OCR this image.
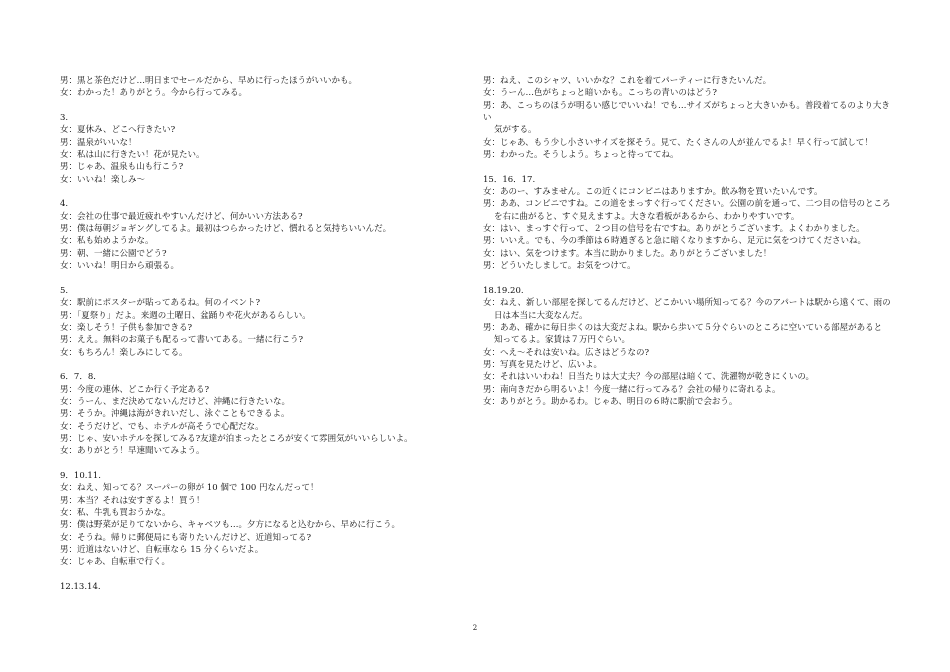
男：黒と茶色だけど…明日までセールだから、早めに行ったほうがいいかも。
女：わかった！ありがとう。今から行ってみる。
3.
女：夏休み、どこへ行きたい?
男：温泉がいいな！
女：私は山に行きたい！花が見たい。
男：じゃあ、温泉も山も行こう?
女：いいね！楽しみ〜
4.
女：会社の仕事で最近疲れやすいんだけど、何かいい方法ある?
男：僕は毎朝ジョギングしてるよ。最初はつらかったけど、慣れると気持ちいいんだ。
女：私も始めようかな。
男：朝、一緒に公園でどう?
女：いいね！明日から頑張る。
5.
女：駅前にポスターが貼ってあるね。何のイベント?
男：「夏祭り」だよ。来週の土曜日、盆踊りや花火があるらしい。
女：楽しそう！子供も参加できる?
男：ええ。無料のお菓子も配るって書いてある。一緒に行こう?
女：もちろん！楽しみにしてる。
6．7．8．
男：今度の連休、どこか行く予定ある?
女：うーん、まだ決めてないんだけど、沖縄に行きたいな。
男：そうか。沖縄は海がきれいだし、泳ぐこともできるよ。
女：そうだけど、でも、ホテルが高そうで心配だな。
男：じゃ、安いホテルを探してみる?友達が泊まったところが安くて雰囲気がいいらしいよ。
女：ありがとう！早速聞いてみよう。
9．10.11.
女：ねえ、知ってる？スーパーの卵が 10 個で 100 円なんだって！
男：本当？それは安すぎるよ！買う！
女：私、牛乳も買おうかな。
男：僕は野菜が足りてないから、キャベツも…。夕方になると込むから、早めに行こう。
女：そうね。帰りに郵便局にも寄りたいんだけど、近道知ってる?
男：近道はないけど、自転車なら 15 分くらいだよ。
女：じゃあ、自転車で行く。
12.13.14.
男：ねえ、このシャツ、いいかな？これを着てパーティーに行きたいんだ。
女：うーん…色がちょっと暗いかも。こっちの青いのはどう?
男：あ、こっちのほうが明るい感じでいいね！でも…サイズがちょっと大きいかも。普段着てるのより大き
い
気がする。
女：じゃあ、もう少し小さいサイズを探そう。見て、たくさんの人が並んでるよ！早く行って試して！
男：わかった。そうしよう。ちょっと待っててね。
15．16．17.
女：あのー、すみません。この近くにコンビニはありますか。飲み物を買いたいんです。
男：ああ、コンビニですね。この道をまっすぐ行ってください。公園の前を通って、二つ目の信号のところ
を右に曲がると、すぐ見えますよ。大きな看板があるから、わかりやすいです。
女：はい、まっすぐ行って、２つ目の信号を右ですね。ありがとうございます。よくわかりました。
男：いいえ。でも、今の季節は６時過ぎると急に暗くなりますから、足元に気をつけてくださいね。
女：はい、気をつけます。本当に助かりました。ありがとうございました！
男：どういたしまして。お気をつけて。
18.19.20.
女：ねえ、新しい部屋を探してるんだけど、どこかいい場所知ってる？今のアパートは駅から遠くて、雨の
日は本当に大変なんだ。
男：ああ、確かに毎日歩くのは大変だよね。駅から歩いて５分ぐらいのところに空いている部屋があると
知ってるよ。家賃は７万円ぐらい。
女：へえ〜それは安いね。広さはどうなの?
男：写真を見たけど、広いよ。
女：それはいいわね！日当たりは大丈夫？今の部屋は暗くて、洗濯物が乾きにくいの。
男：南向きだから明るいよ！今度一緒に行ってみる？会社の帰りに寄れるよ。
女：ありがとう。助かるわ。じゃあ、明日の６時に駅前で会おう。
2
